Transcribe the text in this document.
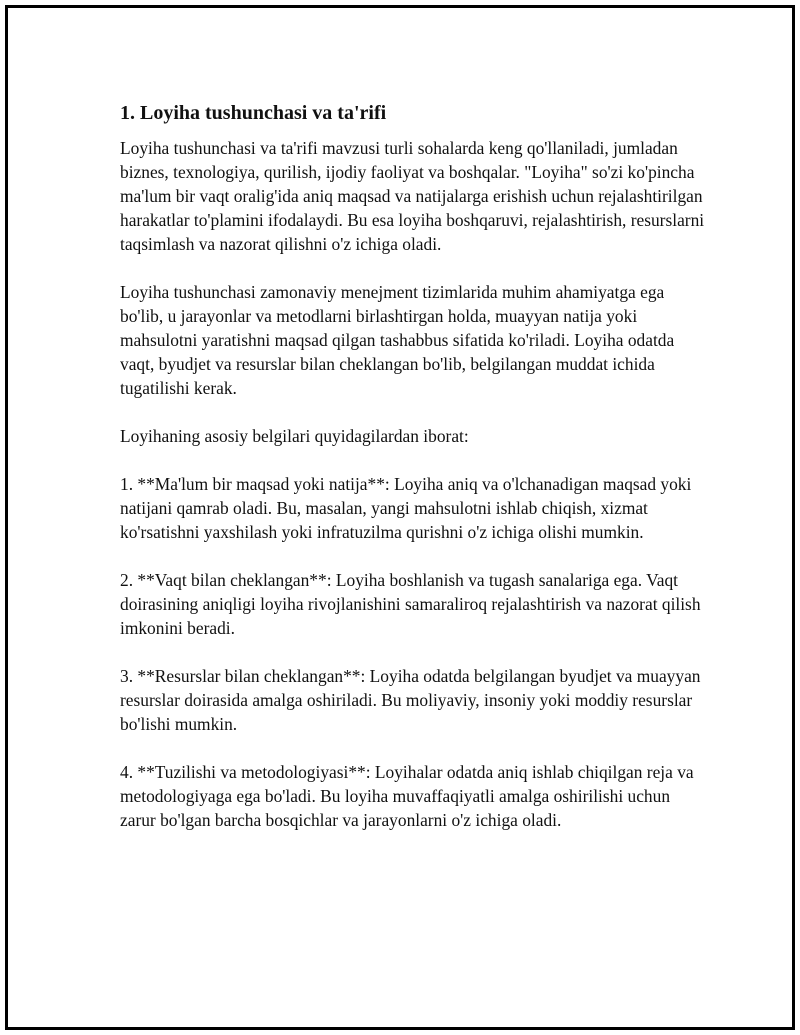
1. Loyiha tushunchasi va ta'rifi

Loyiha tushunchasi va ta'rifi mavzusi turli sohalarda keng qo'llaniladi, jumladan biznes, texnologiya, qurilish, ijodiy faoliyat va boshqalar. "Loyiha" so'zi ko'pincha ma'lum bir vaqt oralig'ida aniq maqsad va natijalarga erishish uchun rejalashtirilgan harakatlar to'plamini ifodalaydi. Bu esa loyiha boshqaruvi, rejalashtirish, resurslarni taqsimlash va nazorat qilishni o'z ichiga oladi.

Loyiha tushunchasi zamonaviy menejment tizimlarida muhim ahamiyatga ega bo'lib, u jarayonlar va metodlarni birlashtirgan holda, muayyan natija yoki mahsulotni yaratishni maqsad qilgan tashabbus sifatida ko'riladi. Loyiha odatda vaqt, byudjet va resurslar bilan cheklangan bo'lib, belgilangan muddat ichida tugatilishi kerak.

Loyihaning asosiy belgilari quyidagilardan iborat:

1. **Ma'lum bir maqsad yoki natija**: Loyiha aniq va o'lchanadigan maqsad yoki natijani qamrab oladi. Bu, masalan, yangi mahsulotni ishlab chiqish, xizmat ko'rsatishni yaxshilash yoki infratuzilma qurishni o'z ichiga olishi mumkin.

2. **Vaqt bilan cheklangan**: Loyiha boshlanish va tugash sanalariga ega. Vaqt doirasining aniqligi loyiha rivojlanishini samaraliroq rejalashtirish va nazorat qilish imkonini beradi.

3. **Resurslar bilan cheklangan**: Loyiha odatda belgilangan byudjet va muayyan resurslar doirasida amalga oshiriladi. Bu moliyaviy, insoniy yoki moddiy resurslar bo'lishi mumkin.

4. **Tuzilishi va metodologiyasi**: Loyihalar odatda aniq ishlab chiqilgan reja va metodologiyaga ega bo'ladi. Bu loyiha muvaffaqiyatli amalga oshirilishi uchun zarur bo'lgan barcha bosqichlar va jarayonlarni o'z ichiga oladi.
